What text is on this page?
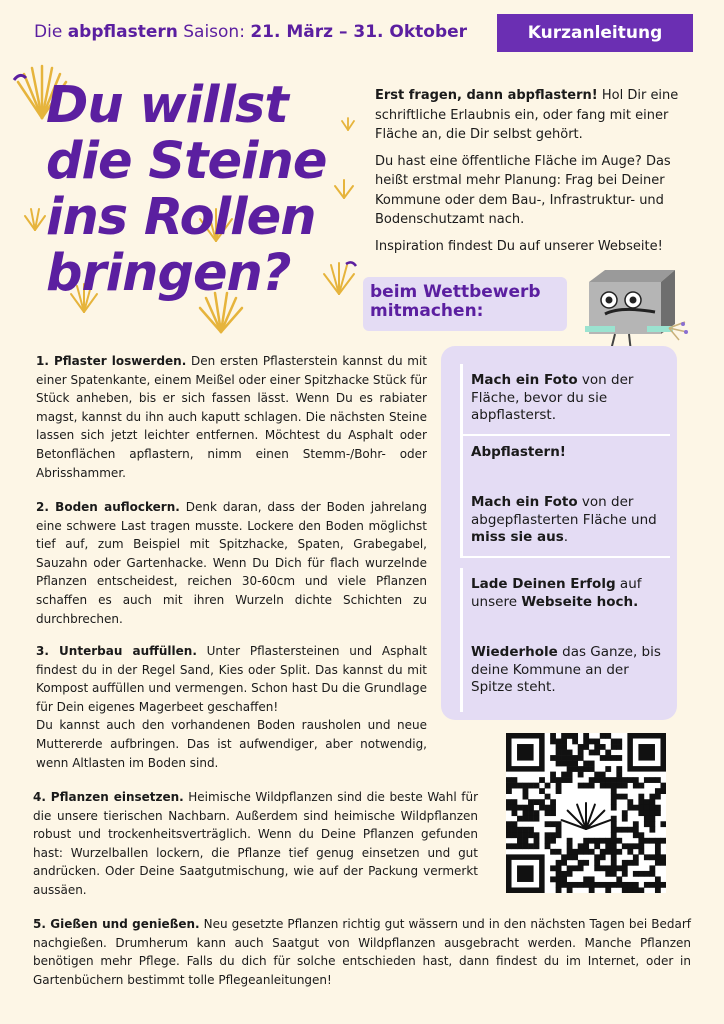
Die abpflastern Saison: 21. März – 31. Oktober	Kurzanleitung
Du willst
die Steine
ins Rollen
bringen?

Erst fragen, dann abpflastern! Hol Dir eine schriftliche Erlaubnis ein, oder fang mit einer Fläche an, die Dir selbst gehört.

Du hast eine öffentliche Fläche im Auge? Das heißt erstmal mehr Planung: Frag bei Deiner Kommune oder dem Bau-, Infrastruktur- und Bodenschutzamt nach.

Inspiration findest Du auf unserer Webseite!

beim Wettbewerb
mitmachen:
1. Pflaster loswerden. Den ersten Pflasterstein kannst du mit einer Spatenkante, einem Meißel oder einer Spitzhacke Stück für Stück anheben, bis er sich fassen lässt. Wenn Du es rabiater magst, kannst du ihn auch kaputt schlagen. Die nächsten Steine lassen sich jetzt leichter entfernen. Möchtest du Asphalt oder Betonflächen apflastern, nimm einen Stemm-/Bohr- oder Abrisshammer.
2. Boden auflockern. Denk daran, dass der Boden jahrelang eine schwere Last tragen musste. Lockere den Boden möglichst tief auf, zum Beispiel mit Spitzhacke, Spaten, Grabegabel, Sauzahn oder Gartenhacke. Wenn Du Dich für flach wurzelnde Pflanzen entscheidest, reichen 30-60cm und viele Pflanzen schaffen es auch mit ihren Wurzeln dichte Schichten zu durchbrechen.
3. Unterbau auffüllen. Unter Pflastersteinen und Asphalt findest du in der Regel Sand, Kies oder Split. Das kannst du mit Kompost auffüllen und vermengen. Schon hast Du die Grundlage für Dein eigenes Magerbeet geschaffen!
Du kannst auch den vorhandenen Boden rausholen und neue Muttererde aufbringen. Das ist aufwendiger, aber notwendig, wenn Altlasten im Boden sind.
4. Pflanzen einsetzen. Heimische Wildpflanzen sind die beste Wahl für die unsere tierischen Nachbarn. Außerdem sind heimische Wildpflanzen robust und trockenheitsverträglich. Wenn du Deine Pflanzen gefunden hast: Wurzelballen lockern, die Pflanze tief genug einsetzen und gut andrücken. Oder Deine Saatgutmischung, wie auf der Packung vermerkt aussäen.
Mach ein Foto von der Fläche, bevor du sie abpflasterst.
Abpflastern!
Mach ein Foto von der abgepflasterten Fläche und miss sie aus.
Lade Deinen Erfolg auf unsere Webseite hoch.
Wiederhole das Ganze, bis deine Kommune an der Spitze steht.
5. Gießen und genießen. Neu gesetzte Pflanzen richtig gut wässern und in den nächsten Tagen bei Bedarf nachgießen. Drumherum kann auch Saatgut von Wildpflanzen ausgebracht werden. Manche Pflanzen benötigen mehr Pflege. Falls du dich für solche entschieden hast, dann findest du im Internet, oder in Gartenbüchern bestimmt tolle Pflegeanleitungen!
